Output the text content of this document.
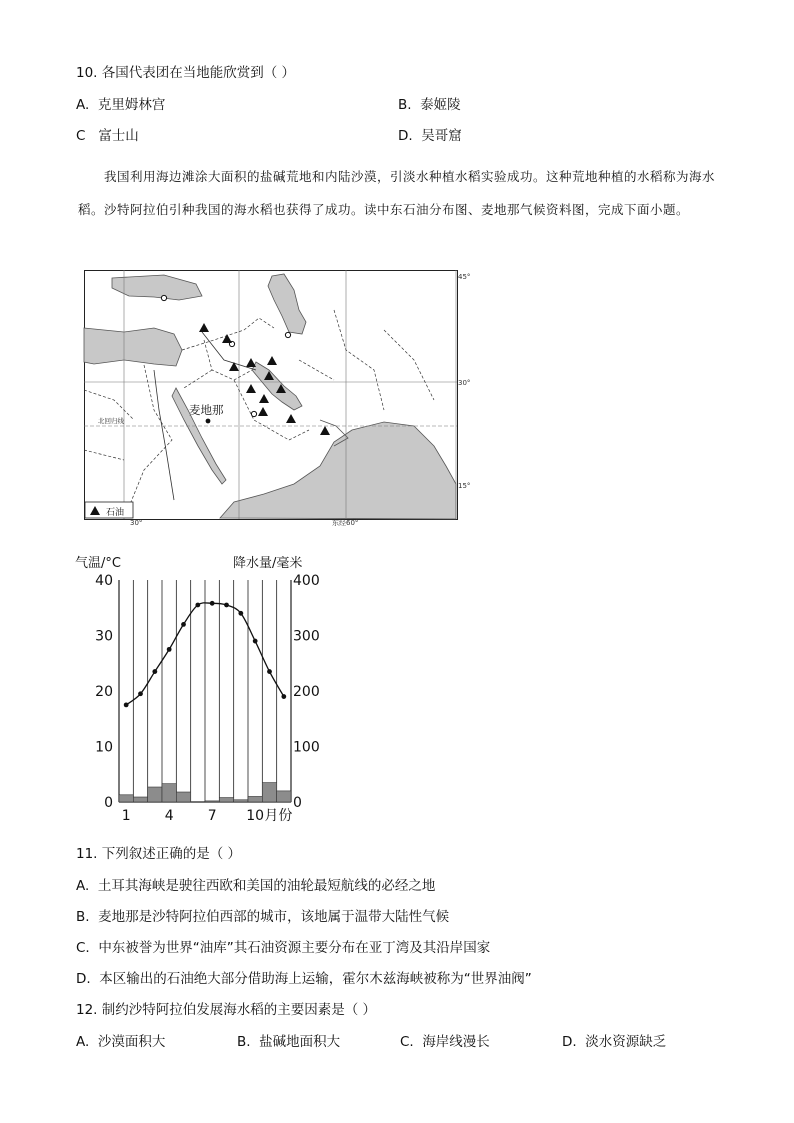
10. 各国代表团在当地能欣赏到（ ）
A. 克里姆林宫	B. 泰姬陵
C 富士山	D. 吴哥窟
我国利用海边滩涂大面积的盐碱荒地和内陆沙漠，引淡水种植水稻实验成功。这种荒地种植的水稻称为海水稻。沙特阿拉伯引种我国的海水稻也获得了成功。读中东石油分布图、麦地那气候资料图，完成下面小题。
麦地那
北回归线
45°
30°
15°
30°	东经60°
石油
气温/°C	降水量/毫米
40
30
20
10
0
400
300
200
100
0
1 4 7 10 月份
11. 下列叙述正确的是（ ）
A. 土耳其海峡是驶往西欧和美国的油轮最短航线的必经之地
B. 麦地那是沙特阿拉伯西部的城市，该地属于温带大陆性气候
C. 中东被誉为世界“油库”其石油资源主要分布在亚丁湾及其沿岸国家
D. 本区输出的石油绝大部分借助海上运输，霍尔木兹海峡被称为“世界油阀”
12. 制约沙特阿拉伯发展海水稻的主要因素是（ ）
A. 沙漠面积大	B. 盐碱地面积大	C. 海岸线漫长	D. 淡水资源缺乏
